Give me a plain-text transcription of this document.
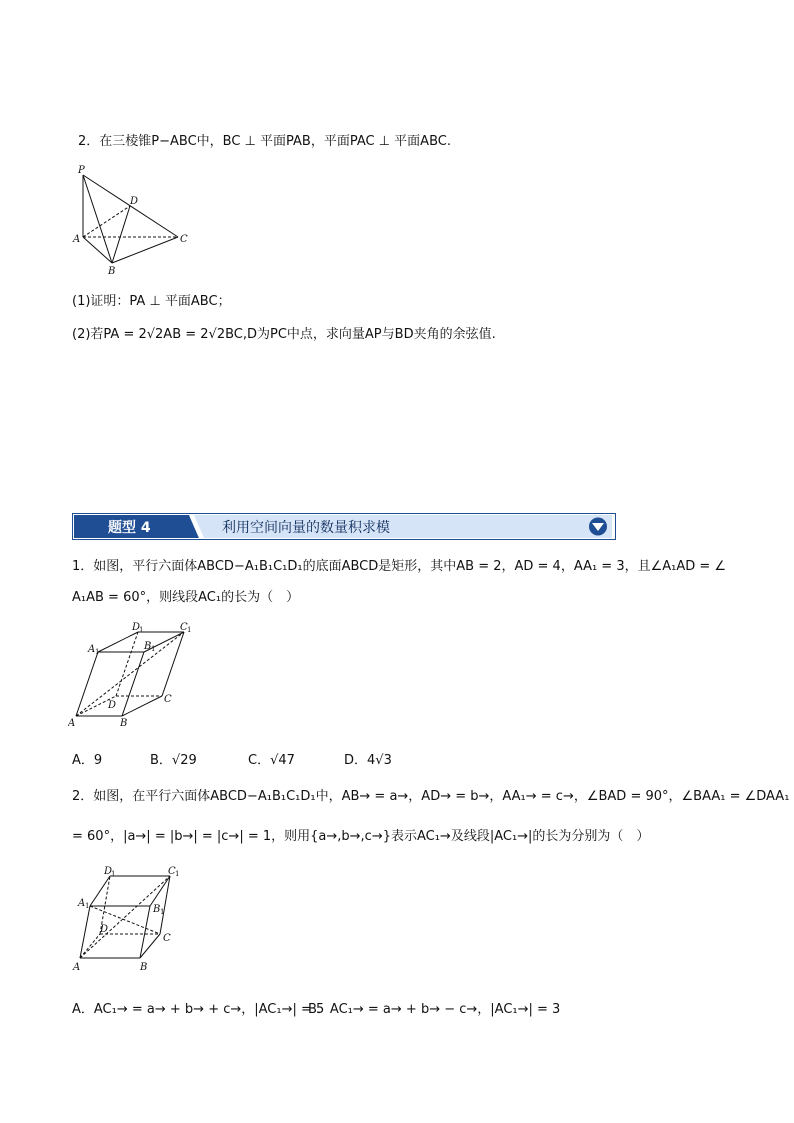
2．在三棱锥P−ABC中，BC ⊥ 平面PAB，平面PAC ⊥ 平面ABC.
P
A
B
C
D
(1)证明：PA ⊥ 平面ABC；
(2)若PA = 2√2AB = 2√2BC,D为PC中点，求向量AP与BD夹角的余弦值.
题型 4	利用空间向量的数量积求模
1．如图，平行六面体ABCD−A₁B₁C₁D₁的底面ABCD是矩形，其中AB = 2，AD = 4，AA₁ = 3，且∠A₁AD = ∠
A₁AB = 60°，则线段AC₁的长为（　）
A	B
C
D
A 1	B 1
C 1
D
1
A．9	B．√29	C．√47	D．4√3
2．如图，在平行六面体ABCD−A₁B₁C₁D₁中，AB→ = a→，AD→ = b→，AA₁→ = c→，∠BAD = 90°，∠BAA₁ = ∠DAA₁
= 60°，|a→| = |b→| = |c→| = 1，则用{a→,b→,c→}表示AC₁→及线段|AC₁→|的长为分别为（　）
A	B
C
D
A 1	B 1
C 1
D
1
A．AC₁→ = a→ + b→ + c→，|AC₁→| = 5
B．AC₁→ = a→ + b→ − c→，|AC₁→| = 3
